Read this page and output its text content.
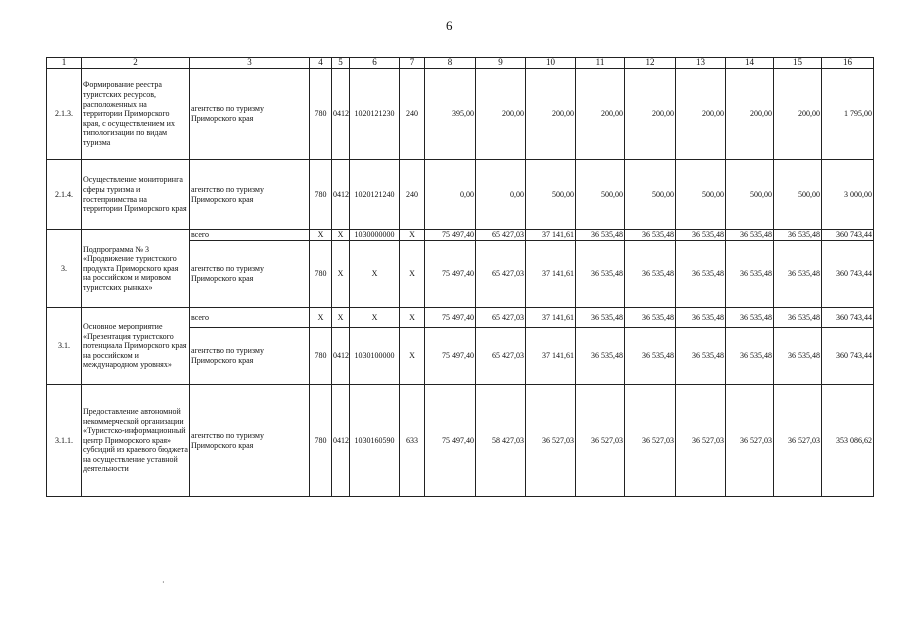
6
1	2	3	4	5	6	7	8	9	10	11	12	13	14	15	16
2.1.3.	Формирование реестра туристских ресурсов, расположенных на территории Приморского края, с осуществлением их типологизации по видам туризма	агентство по туризму Приморского края	780	0412	1020121230	240	395,00	200,00	200,00	200,00	200,00	200,00	200,00	200,00	1 795,00
2.1.4.	Осуществление мониторинга сферы туризма и гостеприимства на территории Приморского края	агентство по туризму Приморского края	780	0412	1020121240	240	0,00	0,00	500,00	500,00	500,00	500,00	500,00	500,00	3 000,00
3.	Подпрограмма № 3 «Продвижение туристского продукта Приморского края на российском и мировом туристских рынках»	всего	Х	Х	1030000000	Х	75 497,40	65 427,03	37 141,61	36 535,48	36 535,48	36 535,48	36 535,48	36 535,48	360 743,44
		агентство по туризму Приморского края	780	Х	Х	Х	75 497,40	65 427,03	37 141,61	36 535,48	36 535,48	36 535,48	36 535,48	36 535,48	360 743,44
3.1.	Основное мероприятие «Презентация туристского потенциала Приморского края на российском и международном уровнях»	всего	Х	Х	Х	Х	75 497,40	65 427,03	37 141,61	36 535,48	36 535,48	36 535,48	36 535,48	36 535,48	360 743,44
		агентство по туризму Приморского края	780	0412	1030100000	Х	75 497,40	65 427,03	37 141,61	36 535,48	36 535,48	36 535,48	36 535,48	36 535,48	360 743,44
3.1.1.	Предоставление автономной некоммерческой организации «Туристско-информационный центр Приморского края» субсидий из краевого бюджета на осуществление уставной деятельности	агентство по туризму Приморского края	780	0412	1030160590	633	75 497,40	58 427,03	36 527,03	36 527,03	36 527,03	36 527,03	36 527,03	36 527,03	353 086,62
·
